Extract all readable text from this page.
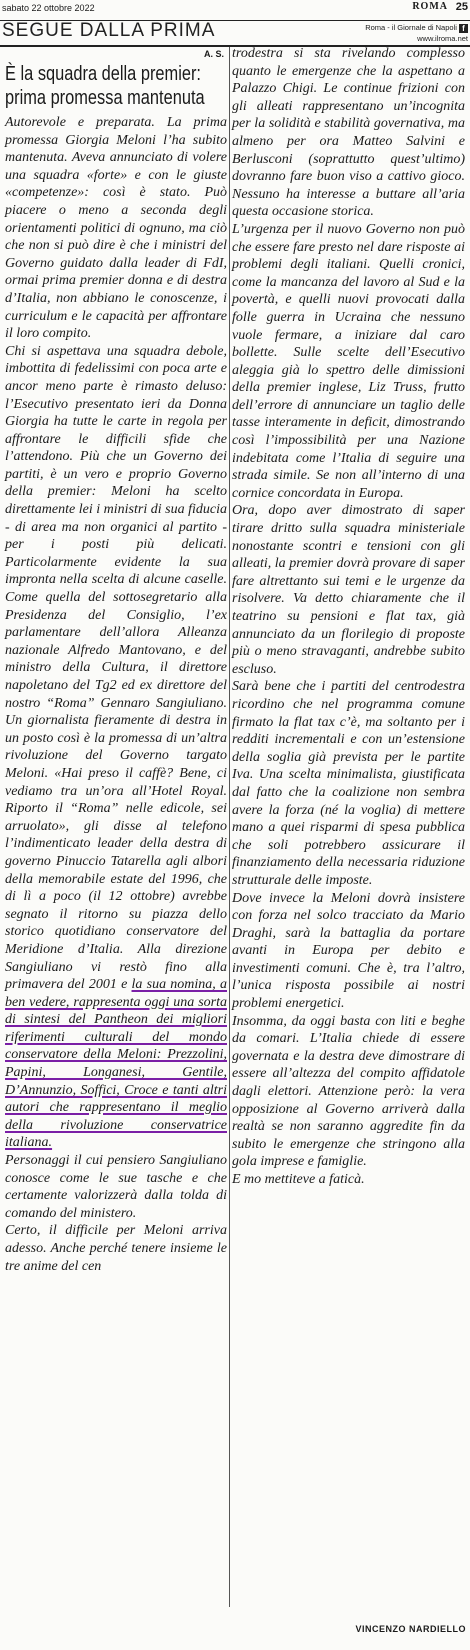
sabato 22 ottobre 2022	ROMA 25
SEGUE DALLA PRIMA	Roma - il Giornale di Napoli f
www.ilroma.net
A. S.
È la squadra della premier: prima promessa mantenuta

Autorevole e preparata. La prima promessa Giorgia Meloni l’ha subito mantenuta. Aveva annunciato di volere una squadra «forte» e con le giuste «competenze»: così è stato. Può piacere o meno a seconda degli orientamenti politici di ognuno, ma ciò che non si può dire è che i ministri del Governo guidato dalla leader di FdI, ormai prima premier donna e di destra d’Italia, non abbiano le conoscenze, i curriculum e le capacità per affrontare il loro compito.

Chi si aspettava una squadra debole, imbottita di fedelissimi con poca arte e ancor meno parte è rimasto deluso: l’Esecutivo presentato ieri da Donna Giorgia ha tutte le carte in regola per affrontare le difficili sfide che l’attendono. Più che un Governo dei partiti, è un vero e proprio Governo della premier: Meloni ha scelto direttamente lei i ministri di sua fiducia - di area ma non organici al partito - per i posti più delicati. Particolarmente evidente la sua impronta nella scelta di alcune caselle. Come quella del sottosegretario alla Presidenza del Consiglio, l’ex parlamentare dell’allora Alleanza nazionale Alfredo Mantovano, e del ministro della Cultura, il direttore napoletano del Tg2 ed ex direttore del nostro “Roma” Gennaro Sangiuliano. Un giornalista fieramente di destra in un posto così è la promessa di un’altra rivoluzione del Governo targato Meloni. «Hai preso il caffè? Bene, ci vediamo tra un’ora all’Hotel Royal. Riporto il “Roma” nelle edicole, sei arruolato», gli disse al telefono l’indimenticato leader della destra di governo Pinuccio Tatarella agli albori della memorabile estate del 1996, che di lì a poco (il 12 ottobre) avrebbe segnato il ritorno su piazza dello storico quotidiano conservatore del Meridione d’Italia. Alla direzione Sangiuliano vi restò fino alla primavera del 2001 e la sua nomina, a ben vedere, rappresenta oggi una sorta di sintesi del Pantheon dei migliori riferimenti culturali del mondo conservatore della Meloni: Prezzolini, Papini, Longanesi, Gentile, D’Annunzio, Soffici, Croce e tanti altri autori che rappresentano il meglio della rivoluzione conservatrice italiana.

Personaggi il cui pensiero Sangiuliano conosce come le sue tasche e che certamente valorizzerà dalla tolda di comando del ministero.

Certo, il difficile per Meloni arriva adesso. Anche perché tenere insieme le tre anime del cen

trodestra si sta rivelando complesso quanto le emergenze che la aspettano a Palazzo Chigi. Le continue frizioni con gli alleati rappresentano un’incognita per la solidità e stabilità governativa, ma almeno per ora Matteo Salvini e Berlusconi (soprattutto quest’ultimo) dovranno fare buon viso a cattivo gioco. Nessuno ha interesse a buttare all’aria questa occasione storica.

L’urgenza per il nuovo Governo non può che essere fare presto nel dare risposte ai problemi degli italiani. Quelli cronici, come la mancanza del lavoro al Sud e la povertà, e quelli nuovi provocati dalla folle guerra in Ucraina che nessuno vuole fermare, a iniziare dal caro bollette. Sulle scelte dell’Esecutivo aleggia già lo spettro delle dimissioni della premier inglese, Liz Truss, frutto dell’errore di annunciare un taglio delle tasse interamente in deficit, dimostrando così l’impossibilità per una Nazione indebitata come l’Italia di seguire una strada simile. Se non all’interno di una cornice concordata in Europa.

Ora, dopo aver dimostrato di saper tirare dritto sulla squadra ministeriale nonostante scontri e tensioni con gli alleati, la premier dovrà provare di saper fare altrettanto sui temi e le urgenze da risolvere. Va detto chiaramente che il teatrino su pensioni e flat tax, già annunciato da un florilegio di proposte più o meno stravaganti, andrebbe subito escluso.

Sarà bene che i partiti del centrodestra ricordino che nel programma comune firmato la flat tax c’è, ma soltanto per i redditi incrementali e con un’estensione della soglia già prevista per le partite Iva. Una scelta minimalista, giustificata dal fatto che la coalizione non sembra avere la forza (né la voglia) di mettere mano a quei risparmi di spesa pubblica che soli potrebbero assicurare il finanziamento della necessaria riduzione strutturale delle imposte.

Dove invece la Meloni dovrà insistere con forza nel solco tracciato da Mario Draghi, sarà la battaglia da portare avanti in Europa per debito e investimenti comuni. Che è, tra l’altro, l’unica risposta possibile ai nostri problemi energetici.

Insomma, da oggi basta con liti e beghe da comari. L’Italia chiede di essere governata e la destra deve dimostrare di essere all’altezza del compito affidatole dagli elettori. Attenzione però: la vera opposizione al Governo arriverà dalla realtà se non saranno aggredite fin da subito le emergenze che stringono alla gola imprese e famiglie.

E mo mettiteve a faticà.

VINCENZO NARDIELLO
